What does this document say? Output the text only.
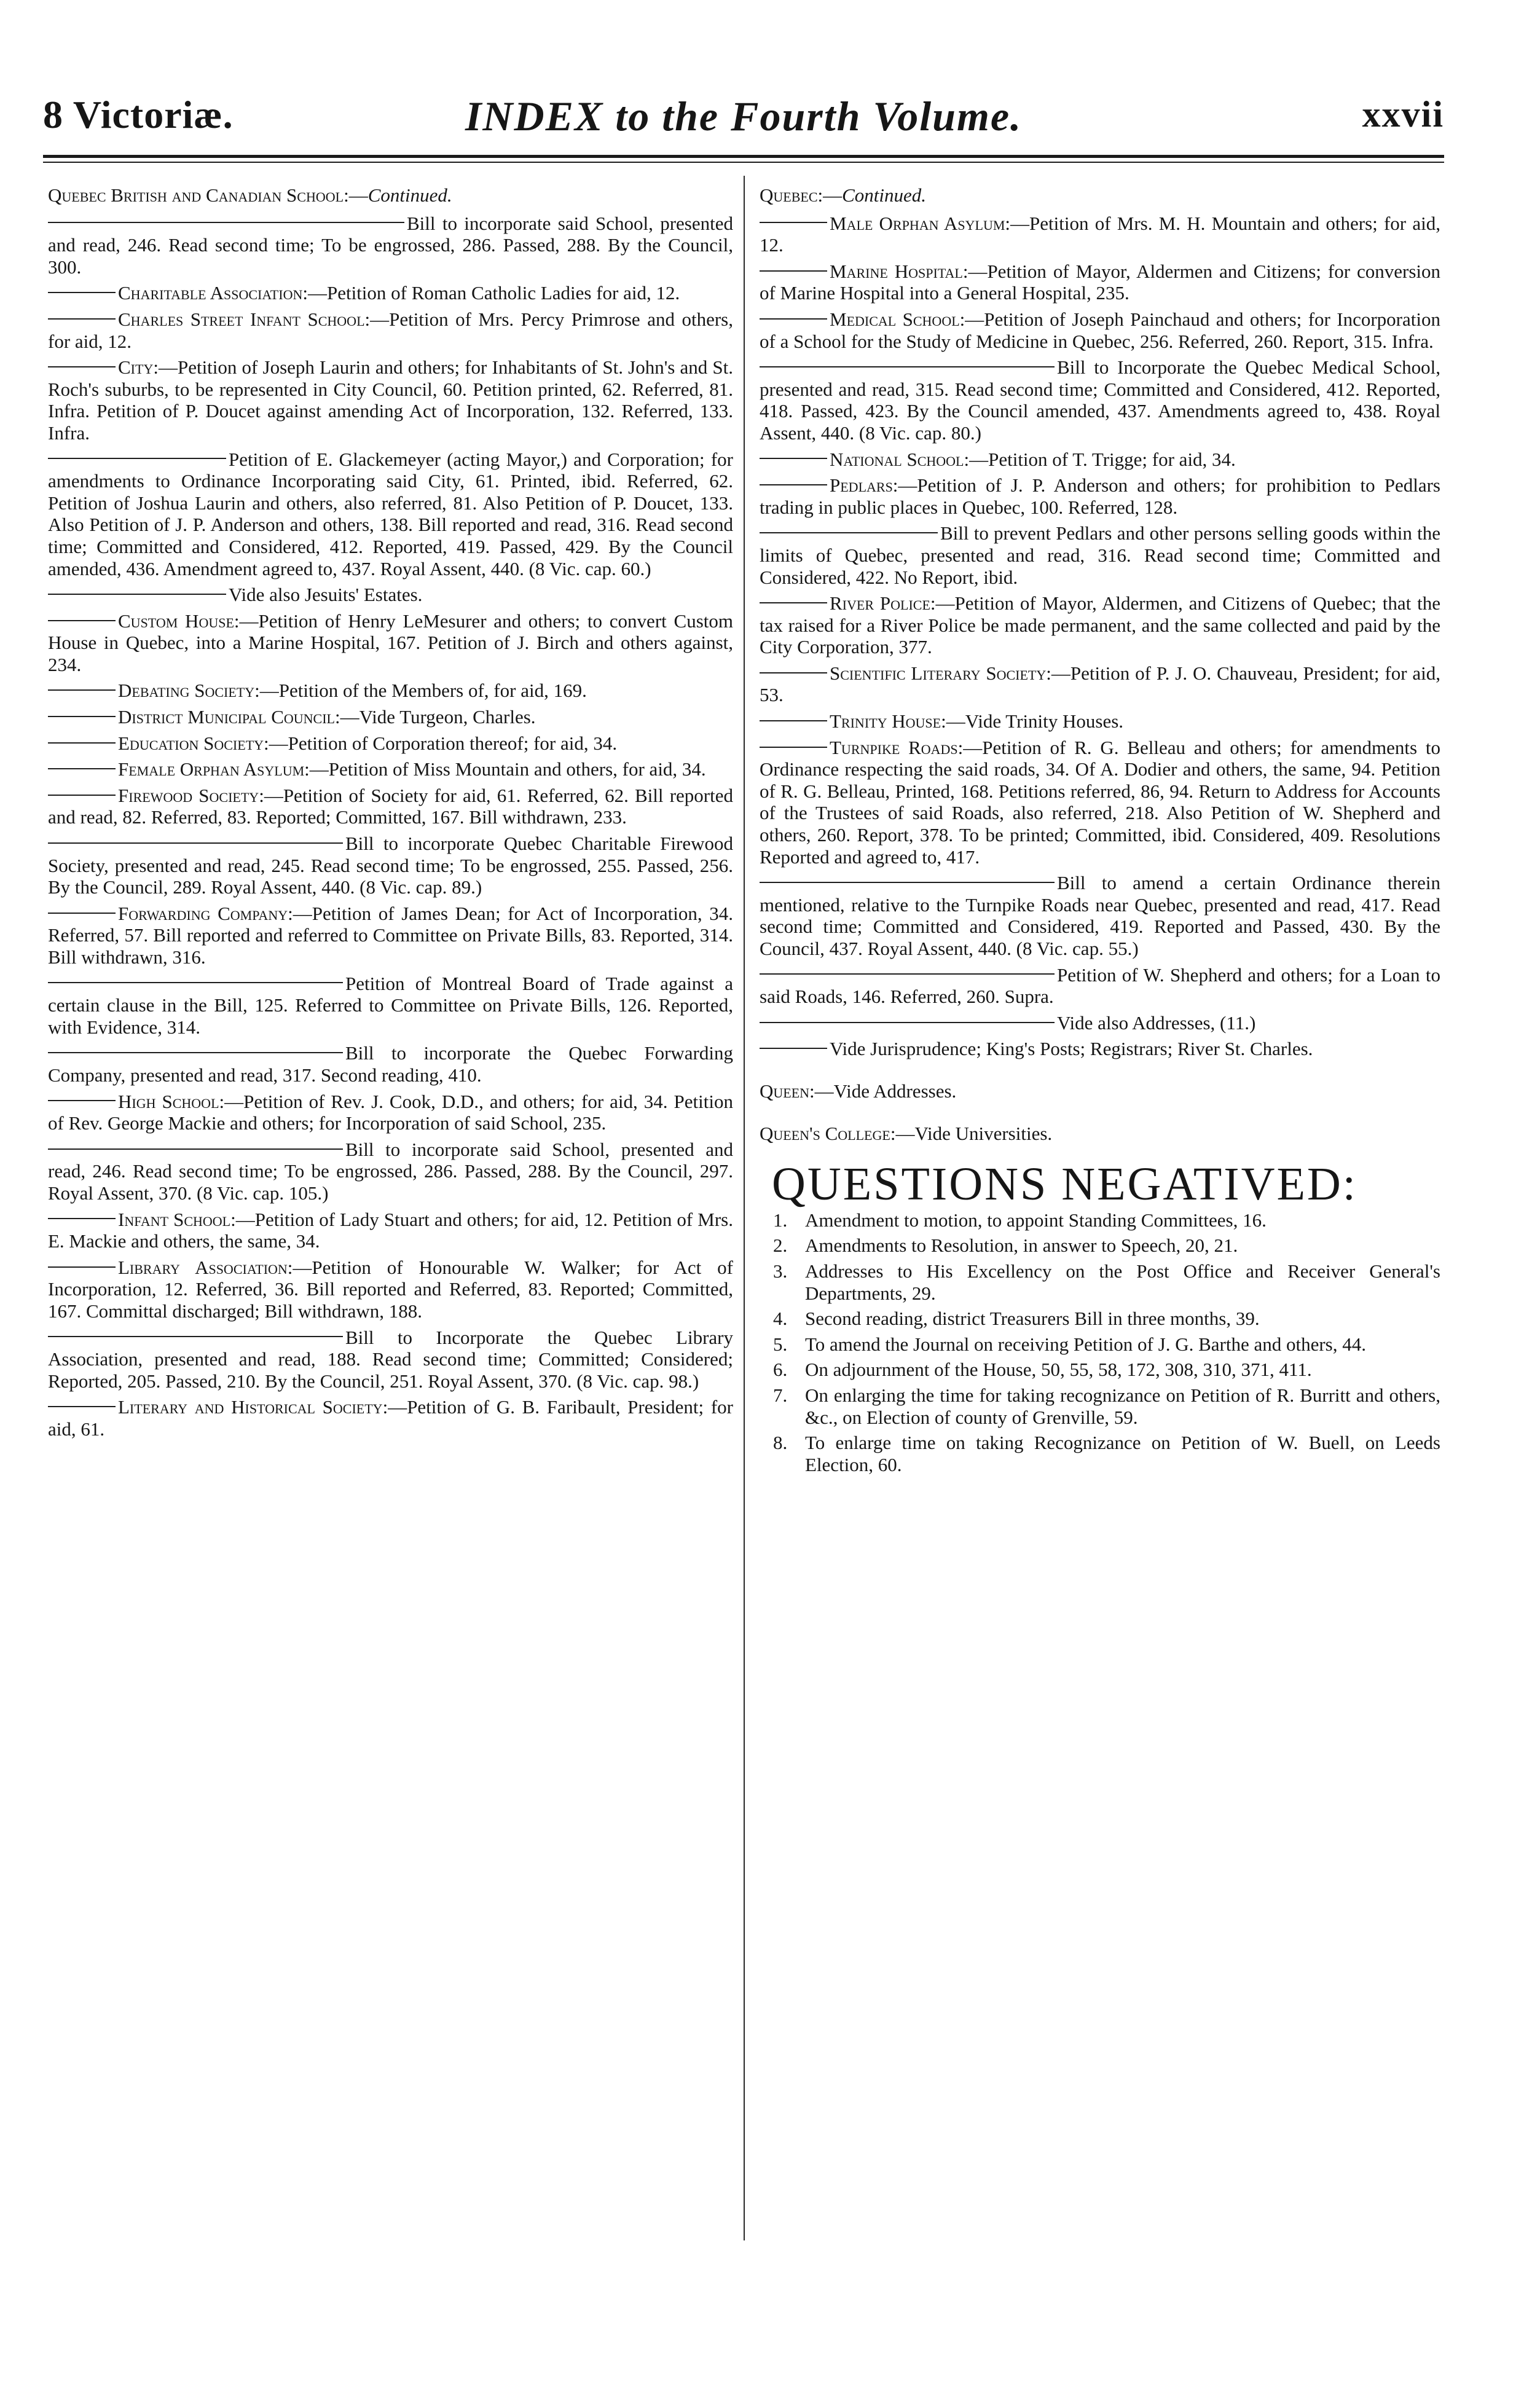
8 Victoriæ.	INDEX to the Fourth Volume.	xxvii

Quebec British and Canadian School:—Continued.

Bill to incorporate said School, presented and read, 246. Read second time; To be engrossed, 286. Passed, 288. By the Council, 300.

Charitable Association:—Petition of Roman Catholic Ladies for aid, 12.

Charles Street Infant School:—Petition of Mrs. Percy Primrose and others, for aid, 12.

City:—Petition of Joseph Laurin and others; for Inhabitants of St. John's and St. Roch's suburbs, to be represented in City Council, 60. Petition printed, 62. Referred, 81. Infra. Petition of P. Doucet against amending Act of Incorporation, 132. Referred, 133. Infra.

Petition of E. Glackemeyer (acting Mayor,) and Corporation; for amendments to Ordinance Incorporating said City, 61. Printed, ibid. Referred, 62. Petition of Joshua Laurin and others, also referred, 81. Also Petition of P. Doucet, 133. Also Petition of J. P. Anderson and others, 138. Bill reported and read, 316. Read second time; Committed and Considered, 412. Reported, 419. Passed, 429. By the Council amended, 436. Amendment agreed to, 437. Royal Assent, 440. (8 Vic. cap. 60.)

Vide also Jesuits' Estates.

Custom House:—Petition of Henry LeMesurer and others; to convert Custom House in Quebec, into a Marine Hospital, 167. Petition of J. Birch and others against, 234.

Debating Society:—Petition of the Members of, for aid, 169.

District Municipal Council:—Vide Turgeon, Charles.

Education Society:—Petition of Corporation thereof; for aid, 34.

Female Orphan Asylum:—Petition of Miss Mountain and others, for aid, 34.

Firewood Society:—Petition of Society for aid, 61. Referred, 62. Bill reported and read, 82. Referred, 83. Reported; Committed, 167. Bill withdrawn, 233.

Bill to incorporate Quebec Charitable Firewood Society, presented and read, 245. Read second time; To be engrossed, 255. Passed, 256. By the Council, 289. Royal Assent, 440. (8 Vic. cap. 89.)

Forwarding Company:—Petition of James Dean; for Act of Incorporation, 34. Referred, 57. Bill reported and referred to Committee on Private Bills, 83. Reported, 314. Bill withdrawn, 316.

Petition of Montreal Board of Trade against a certain clause in the Bill, 125. Referred to Committee on Private Bills, 126. Reported, with Evidence, 314.

Bill to incorporate the Quebec Forwarding Company, presented and read, 317. Second reading, 410.

High School:—Petition of Rev. J. Cook, D.D., and others; for aid, 34. Petition of Rev. George Mackie and others; for Incorporation of said School, 235.

Bill to incorporate said School, presented and read, 246. Read second time; To be engrossed, 286. Passed, 288. By the Council, 297. Royal Assent, 370. (8 Vic. cap. 105.)

Infant School:—Petition of Lady Stuart and others; for aid, 12. Petition of Mrs. E. Mackie and others, the same, 34.

Library Association:—Petition of Honourable W. Walker; for Act of Incorporation, 12. Referred, 36. Bill reported and Referred, 83. Reported; Committed, 167. Committal discharged; Bill withdrawn, 188.

Bill to Incorporate the Quebec Library Association, presented and read, 188. Read second time; Committed; Considered; Reported, 205. Passed, 210. By the Council, 251. Royal Assent, 370. (8 Vic. cap. 98.)

Literary and Historical Society:—Petition of G. B. Faribault, President; for aid, 61.

Quebec:—Continued.

Male Orphan Asylum:—Petition of Mrs. M. H. Mountain and others; for aid, 12.

Marine Hospital:—Petition of Mayor, Aldermen and Citizens; for conversion of Marine Hospital into a General Hospital, 235.

Medical School:—Petition of Joseph Painchaud and others; for Incorporation of a School for the Study of Medicine in Quebec, 256. Referred, 260. Report, 315. Infra.

Bill to Incorporate the Quebec Medical School, presented and read, 315. Read second time; Committed and Considered, 412. Reported, 418. Passed, 423. By the Council amended, 437. Amendments agreed to, 438. Royal Assent, 440. (8 Vic. cap. 80.)

National School:—Petition of T. Trigge; for aid, 34.

Pedlars:—Petition of J. P. Anderson and others; for prohibition to Pedlars trading in public places in Quebec, 100. Referred, 128.

Bill to prevent Pedlars and other persons selling goods within the limits of Quebec, presented and read, 316. Read second time; Committed and Considered, 422. No Report, ibid.

River Police:—Petition of Mayor, Aldermen, and Citizens of Quebec; that the tax raised for a River Police be made permanent, and the same collected and paid by the City Corporation, 377.

Scientific Literary Society:—Petition of P. J. O. Chauveau, President; for aid, 53.

Trinity House:—Vide Trinity Houses.

Turnpike Roads:—Petition of R. G. Belleau and others; for amendments to Ordinance respecting the said roads, 34. Of A. Dodier and others, the same, 94. Petition of R. G. Belleau, Printed, 168. Petitions referred, 86, 94. Return to Address for Accounts of the Trustees of said Roads, also referred, 218. Also Petition of W. Shepherd and others, 260. Report, 378. To be printed; Committed, ibid. Considered, 409. Resolutions Reported and agreed to, 417.

Bill to amend a certain Ordinance therein mentioned, relative to the Turnpike Roads near Quebec, presented and read, 417. Read second time; Committed and Considered, 419. Reported and Passed, 430. By the Council, 437. Royal Assent, 440. (8 Vic. cap. 55.)

Petition of W. Shepherd and others; for a Loan to said Roads, 146. Referred, 260. Supra.

Vide also Addresses, (11.)

Vide Jurisprudence; King's Posts; Registrars; River St. Charles.

Queen:—Vide Addresses.

Queen's College:—Vide Universities.

QUESTIONS NEGATIVED:
1. Amendment to motion, to appoint Standing Committees, 16.
2. Amendments to Resolution, in answer to Speech, 20, 21.
3. Addresses to His Excellency on the Post Office and Receiver General's Departments, 29.
4. Second reading, district Treasurers Bill in three months, 39.
5. To amend the Journal on receiving Petition of J. G. Barthe and others, 44.
6. On adjournment of the House, 50, 55, 58, 172, 308, 310, 371, 411.
7. On enlarging the time for taking recognizance on Petition of R. Burritt and others, &c., on Election of county of Grenville, 59.
8. To enlarge time on taking Recognizance on Petition of W. Buell, on Leeds Election, 60.
